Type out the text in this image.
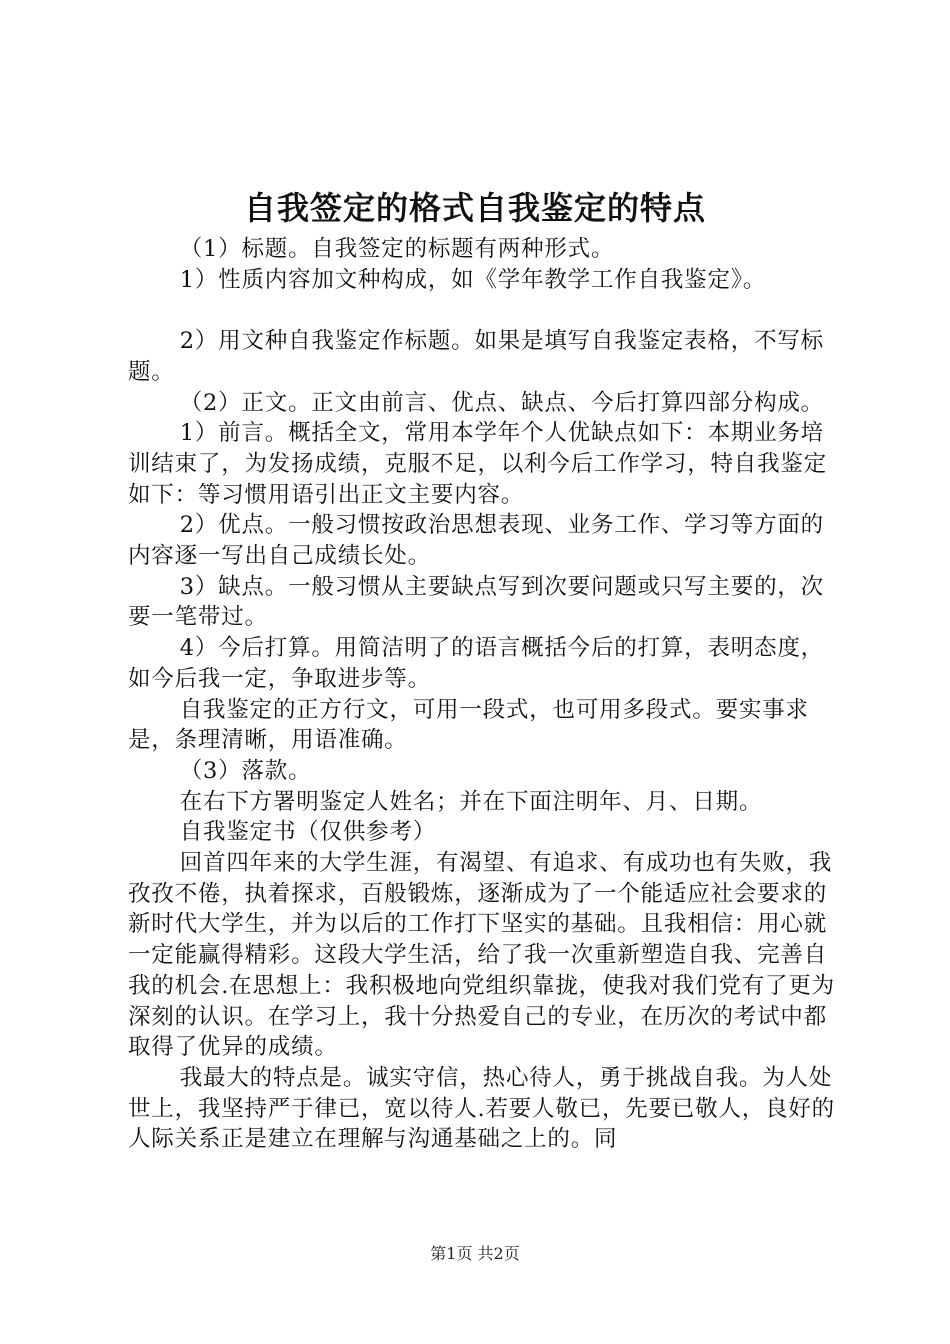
自我签定的格式自我鉴定的特点

（1）标题。自我签定的标题有两种形式。

1）性质内容加文种构成，如《学年教学工作自我鉴定》。

2）用文种自我鉴定作标题。如果是填写自我鉴定表格，不写标题。

（2）正文。正文由前言、优点、缺点、今后打算四部分构成。

1）前言。概括全文，常用本学年个人优缺点如下：本期业务培训结束了，为发扬成绩，克服不足，以利今后工作学习，特自我鉴定如下：等习惯用语引出正文主要内容。

2）优点。一般习惯按政治思想表现、业务工作、学习等方面的内容逐一写出自己成绩长处。

3）缺点。一般习惯从主要缺点写到次要问题或只写主要的，次要一笔带过。

4）今后打算。用简洁明了的语言概括今后的打算，表明态度，如今后我一定，争取进步等。

自我鉴定的正方行文，可用一段式，也可用多段式。要实事求是，条理清晰，用语准确。

（3）落款。

在右下方署明鉴定人姓名；并在下面注明年、月、日期。

自我鉴定书（仅供参考）

回首四年来的大学生涯，有渴望、有追求、有成功也有失败，我孜孜不倦，执着探求，百般锻炼，逐渐成为了一个能适应社会要求的新时代大学生，并为以后的工作打下坚实的基础。且我相信：用心就一定能赢得精彩。这段大学生活，给了我一次重新塑造自我、完善自我的机会.在思想上：我积极地向党组织靠拢，使我对我们党有了更为深刻的认识。在学习上，我十分热爱自己的专业，在历次的考试中都取得了优异的成绩。

我最大的特点是。诚实守信，热心待人，勇于挑战自我。为人处世上，我坚持严于律已，宽以待人.若要人敬已，先要已敬人，良好的人际关系正是建立在理解与沟通基础之上的。同

第1页 共2页
